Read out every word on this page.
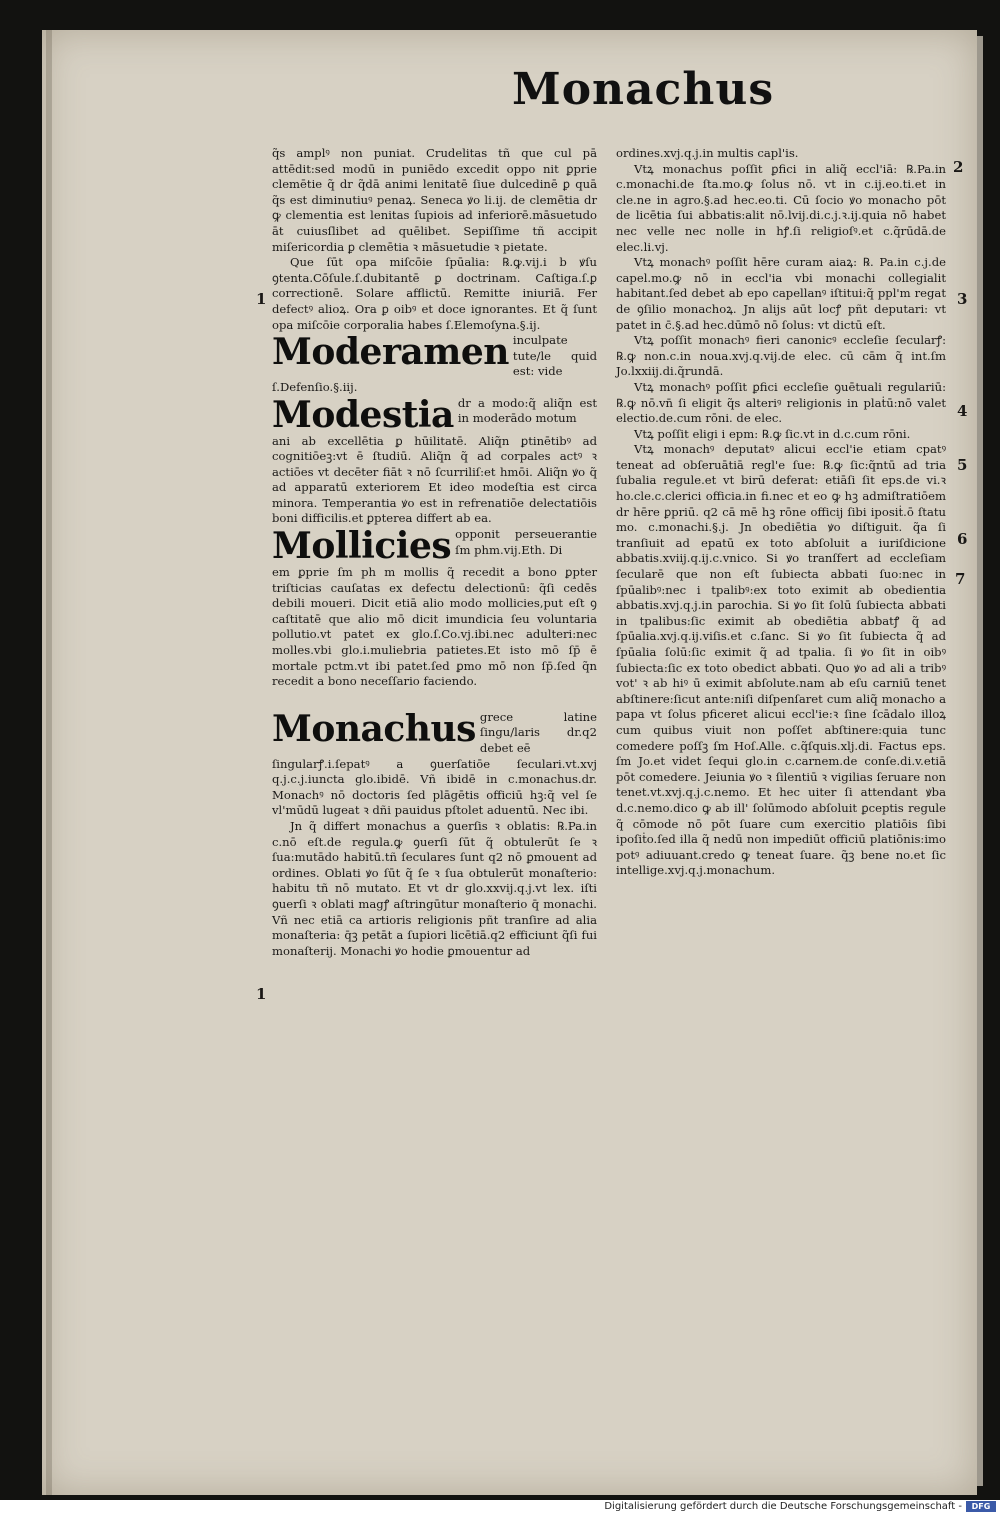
Monachus

q̃s amplꝰ non puniat. Crudelitas tñ que cul pā attēdit:sed modū in puniēdo excedit oppo nit ꝑprie clemētie q̃ dr q̃dā animi lenitatē ſiue dulcedinē ꝑ quā q̃s est diminutiuꝰ penaꝝ. Seneca ꝟo li.ij. de clemētia dr ꝙ clementia est lenitas ſupiois ad inferiorē.māsuetudo āt cuiusſlibet ad quēlibet. Sepiſſime tñ accipit miſericordia ꝑ clemētia ꝛ māsuetudie ꝛ pietate.

Que ſūt opa miſcōie ſpūalia: ℞.ꝙ.vij.i b ꝟſu ꝯtenta.Cōſule.ſ.dubitantē ꝑ doctrinam. Caſtiga.ſ.ꝑ correctionē. Solare afflictū. Remitte iniuriā. Fer defectꝰ alioꝝ. Ora ꝑ oibꝰ et doce ignorantes. Et q̃ ſunt opa miſcōie corporalia habes ſ.Elemoſyna.§.ij.

Moderamen inculpate tute/le quid est: vide

ſ.Defenſio.§.iij.

Modestia dr a modo:q̃ aliq̃n est in moderādo motum

ani ab excellētia ꝑ hūilitatē. Aliq̃n ꝑtinētibꝰ ad cognitiōeꝫ:vt ē ſtudiū. Aliq̃n q̃ ad corpales actꝰ ꝛ actiōes vt decēter fiāt ꝛ nō ſcurriliſ:et hmōi. Aliq̃n ꝟo q̃ ad apparatū exteriorem Et ideo modeſtia est circa minora. Temperantia ꝟo est in refrenatiōe delectatiōis boni difficilis.et ꝑpterea differt ab ea.

Mollicies opponit perseuerantie ſm phm.vij.Eth. Di

em ꝑprie ſm ph m mollis q̃ recedit a bono ꝑpter triſticias cauſatas ex defectu delectionū: q̃ſi cedēs debili moueri. Dicit etiā alio modo mollicies,put eſt ꝯ caſtitatē que alio mō dicit imundicia ſeu voluntaria pollutio.vt patet ex glo.ſ.Co.vj.ibi.nec adulteri:nec molles.vbi glo.i.muliebria patietes.Et isto mō ſp̄ ē mortale pctm.vt ibi patet.ſed ꝑmo mō non ſp̄.ſed q̃n recedit a bono neceſſario faciendo.

Monachus grece latine ſingu/laris dr.q2 debet eē

ſingularꝭ.i.ſepatꝰ a ꝯuerſatiōe ſeculari.vt.xvj q.j.c.j.iuncta glo.ibidē. Vñ ibidē in c.monachus.dr. Monachꝰ nō doctoris ſed plāgētis officiū hꝫ:q̃ vel ſe vl'mūdū lugeat ꝛ dñi pauidus pſtolet aduentū. Nec ibi.

Jn q̃ differt monachus a ꝯuerſis ꝛ oblatis: ℞.Pa.in c.nō eſt.de regula.ꝙ ꝯuerſi ſūt q̃ obtulerūt ſe ꝛ ſua:mutādo habitū.tñ ſeculares ſunt q2 nō ꝑmouent ad ordines. Oblati ꝟo ſūt q̃ ſe ꝛ ſua obtulerūt monaſterio: habitu tñ nō mutato. Et vt dr glo.xxvij.q.j.vt lex. iſti ꝯuerſi ꝛ oblati magꝭ aſtringūtur monaſterio q̄ monachi. Vñ nec etiā ca artioris religionis pñt tranſire ad alia monaſteria: q̄ꝫ petāt a ſupiori licētiā.q2 efficiunt q̃ſi fui monaſterij. Monachi ꝟo hodie ꝑmouentur ad

ordines.xvj.q.j.in multis capl'is.

Vtꝝ monachus poſſit ꝑfici in aliq̃ eccl'iā: ℞.Pa.in c.monachi.de ſta.mo.ꝙ ſolus nō. vt in c.ij.eo.ti.et in cle.ne in agro.§.ad hec.eo.ti. Cū ſocio ꝟo monacho pōt de licētia ſui abbatis:alit nō.lvij.di.c.j.ꝛ.ij.quia nō habet nec velle nec nolle in hꝭ.ſi religioſꝰ.et c.q̃rūdā.de elec.li.vj.

Vtꝝ monachꝰ poſſit hēre curam aiaꝝ: ℞. Pa.in c.j.de capel.mo.ꝙ nō in eccl'ia vbi monachi collegialit habitant.ſed debet ab epo capellanꝰ iſtitui:q̃ ppl'm regat de ꝯſilio monachoꝝ. Jn alijs aūt locꝭ pñt deputari: vt patet in c̄.§.ad hec.dūmō nō ſolus: vt dictū eſt.

Vtꝝ poſſit monachꝰ fieri canonicꝰ eccleſie ſecularꝭ: ℞.ꝙ non.c.in noua.xvj.q.vij.de elec. cū cām q̃ int.ſm Jo.lxxiij.di.q̃rundā.

Vtꝝ monachꝰ poſſit ꝑfici eccleſie ꝯuētuali regulariū: ℞.ꝙ nō.vn̄ ſi eligit q̃s alteriꝰ religionis in plaṫū:nō valet electio.de.cum rōni. de elec.

Vtꝝ poſſit eligi i epm: ℞.ꝙ ſic.vt in d.c.cum rōni.

Vtꝝ monachꝰ deputatꝰ alicui eccl'ie etiam cpatꝰ teneat ad obſeruātiā regl'e ſue: ℞.ꝙ ſic:q̃ntū ad tria ſubalia regule.et vt birū deferat: etiāſi ſit eps.de vi.ꝛ ho.cle.c.clerici officia.in fi.nec et eo ꝙ hꝫ admiſtratiōem dr hēre ꝑpriū. q2 cā mē hꝫ rōne officij ſibi iposiṫ.ō ſtatu mo. c.monachi.§.j. Jn obediētia ꝟo diſtiguit. q̃a ſi tranſiuit ad epatū ex toto abſoluit a iuriſdicione abbatis.xviij.q.ij.c.vnico. Si ꝟo tranſfert ad eccleſiam ſecularē que non eſt ſubiecta abbati ſuo:nec in ſpūalibꝰ:nec i tpalibꝰ:ex toto eximit ab obedientia abbatis.xvj.q.j.in parochia. Si ꝟo ſit ſolū ſubiecta abbati in tpalibus:ſic eximit ab obediētia abbatꝭ q̃ ad ſpūalia.xvj.q.ij.viſis.et c.ſanc. Si ꝟo ſit ſubiecta q̃ ad ſpūalia ſolū:ſic eximit q̃ ad tpalia. ſi ꝟo ſit in oibꝰ ſubiecta:ſic ex toto obedict abbati. Quo ꝟo ad ali a tribꝰ vot' ꝛ ab hiꝰ ū eximit abſolute.nam ab eſu carniū tenet abſtinere:ſicut ante:niſi diſpenſaret cum aliq̃ monacho a papa vt ſolus pficeret alicui eccl'ie:ꝛ ſine ſcādalo illoꝝ cum quibus viuit non poſſet abſtinere:quia tunc comedere poſſꝫ ſm Hoſ.Alle. c.q̃ſquis.xlj.di. Factus eps. ſm Jo.et videt ſequi glo.in c.carnem.de conſe.di.v.etiā pōt comedere. Jeiunia ꝟo ꝛ ſilentiū ꝛ vigilias ſeruare non tenet.vt.xvj.q.j.c.nemo. Et hec uiter ſi attendant ꝟba d.c.nemo.dico ꝙ ab ill' ſolūmodo abſoluit ꝑceptis regule q̃ cōmode nō pōt ſuare cum exercitio platiōis ſibi ipoſiṫo.ſed illa q̃ nedū non impediūt officiū platiōnis:imo potꝰ adiuuant.credo ꝙ teneat ſuare. q̃ꝫ bene no.et ſic intellige.xvj.q.j.monachum.

1
1
2
3
4
5
6
7
Digitalisierung gefördert durch die Deutsche Forschungsgemeinschaft -	DFG
